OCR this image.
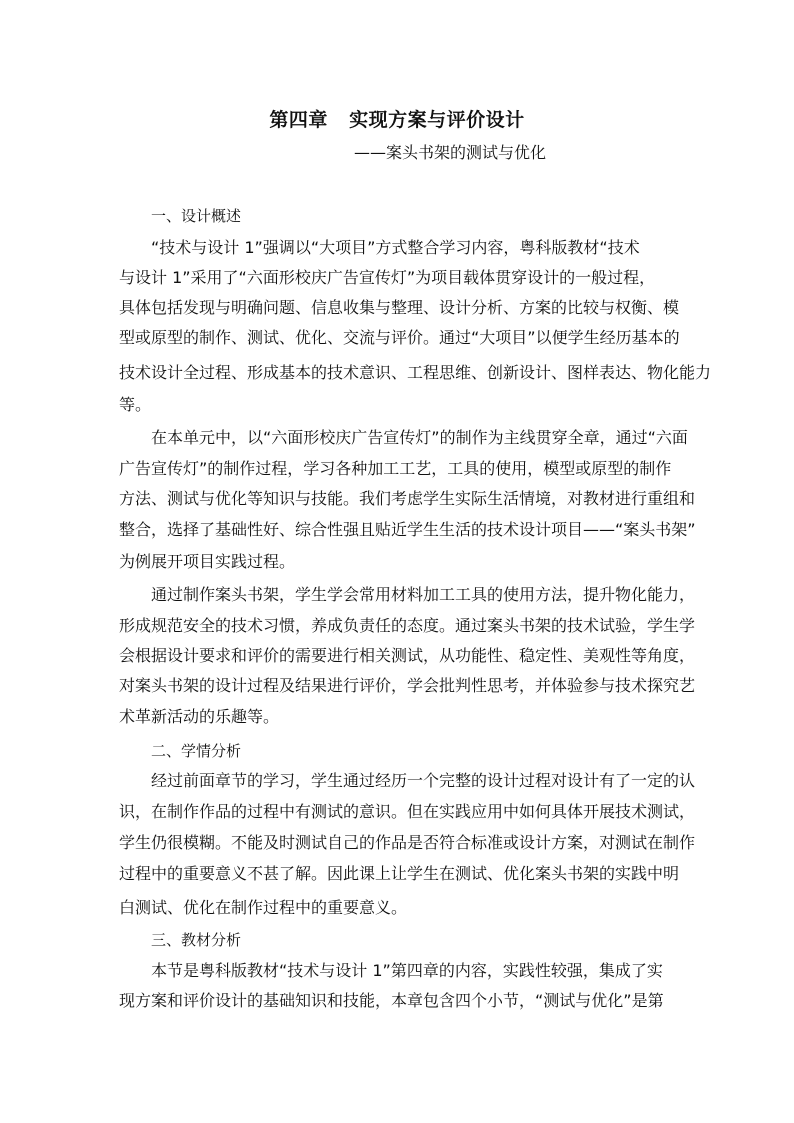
第四章   实现方案与评价设计
——案头书架的测试与优化
一、设计概述
“技术与设计 1”强调以“大项目”方式整合学习内容，粤科版教材“技术
与设计 1”采用了“六面形校庆广告宣传灯”为项目载体贯穿设计的一般过程，
具体包括发现与明确问题、信息收集与整理、设计分析、方案的比较与权衡、模
型或原型的制作、测试、优化、交流与评价。通过“大项目”以便学生经历基本的
技术设计全过程、形成基本的技术意识、工程思维、创新设计、图样表达、物化能力
等。
在本单元中，以“六面形校庆广告宣传灯”的制作为主线贯穿全章，通过“六面
广告宣传灯”的制作过程，学习各种加工工艺，工具的使用，模型或原型的制作
方法、测试与优化等知识与技能。我们考虑学生实际生活情境，对教材进行重组和
整合，选择了基础性好、综合性强且贴近学生生活的技术设计项目——“案头书架”
为例展开项目实践过程。
通过制作案头书架，学生学会常用材料加工工具的使用方法，提升物化能力，
形成规范安全的技术习惯，养成负责任的态度。通过案头书架的技术试验，学生学
会根据设计要求和评价的需要进行相关测试，从功能性、稳定性、美观性等角度，
对案头书架的设计过程及结果进行评价，学会批判性思考，并体验参与技术探究艺
术革新活动的乐趣等。
二、学情分析
经过前面章节的学习，学生通过经历一个完整的设计过程对设计有了一定的认
识，在制作作品的过程中有测试的意识。但在实践应用中如何具体开展技术测试，
学生仍很模糊。不能及时测试自己的作品是否符合标准或设计方案，对测试在制作
过程中的重要意义不甚了解。因此课上让学生在测试、优化案头书架的实践中明
白测试、优化在制作过程中的重要意义。
三、教材分析
本节是粤科版教材“技术与设计 1”第四章的内容，实践性较强，集成了实
现方案和评价设计的基础知识和技能，本章包含四个小节，“测试与优化”是第
